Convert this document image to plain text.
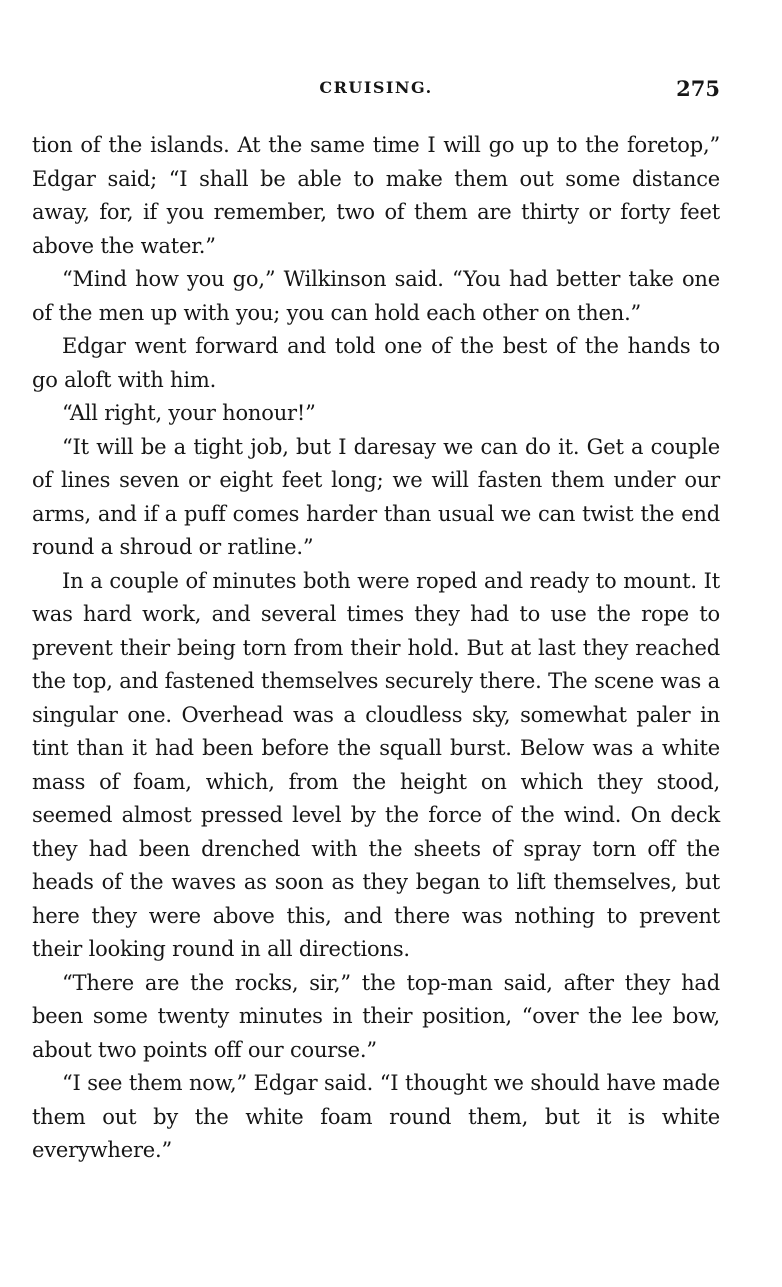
CRUISING.	275

tion of the islands. At the same time I will go up to the foretop,” Edgar said; “I shall be able to make them out some distance away, for, if you remember, two of them are thirty or forty feet above the water.”

“Mind how you go,” Wilkinson said. “You had better take one of the men up with you; you can hold each other on then.”

Edgar went forward and told one of the best of the hands to go aloft with him.

“All right, your honour!”

“It will be a tight job, but I daresay we can do it. Get a couple of lines seven or eight feet long; we will fasten them under our arms, and if a puff comes harder than usual we can twist the end round a shroud or ratline.”

In a couple of minutes both were roped and ready to mount. It was hard work, and several times they had to use the rope to prevent their being torn from their hold. But at last they reached the top, and fastened themselves securely there. The scene was a singular one. Overhead was a cloudless sky, somewhat paler in tint than it had been before the squall burst. Below was a white mass of foam, which, from the height on which they stood, seemed almost pressed level by the force of the wind. On deck they had been drenched with the sheets of spray torn off the heads of the waves as soon as they began to lift themselves, but here they were above this, and there was nothing to prevent their looking round in all directions.

“There are the rocks, sir,” the top-man said, after they had been some twenty minutes in their position, “over the lee bow, about two points off our course.”

“I see them now,” Edgar said. “I thought we should have made them out by the white foam round them, but it is white everywhere.”
